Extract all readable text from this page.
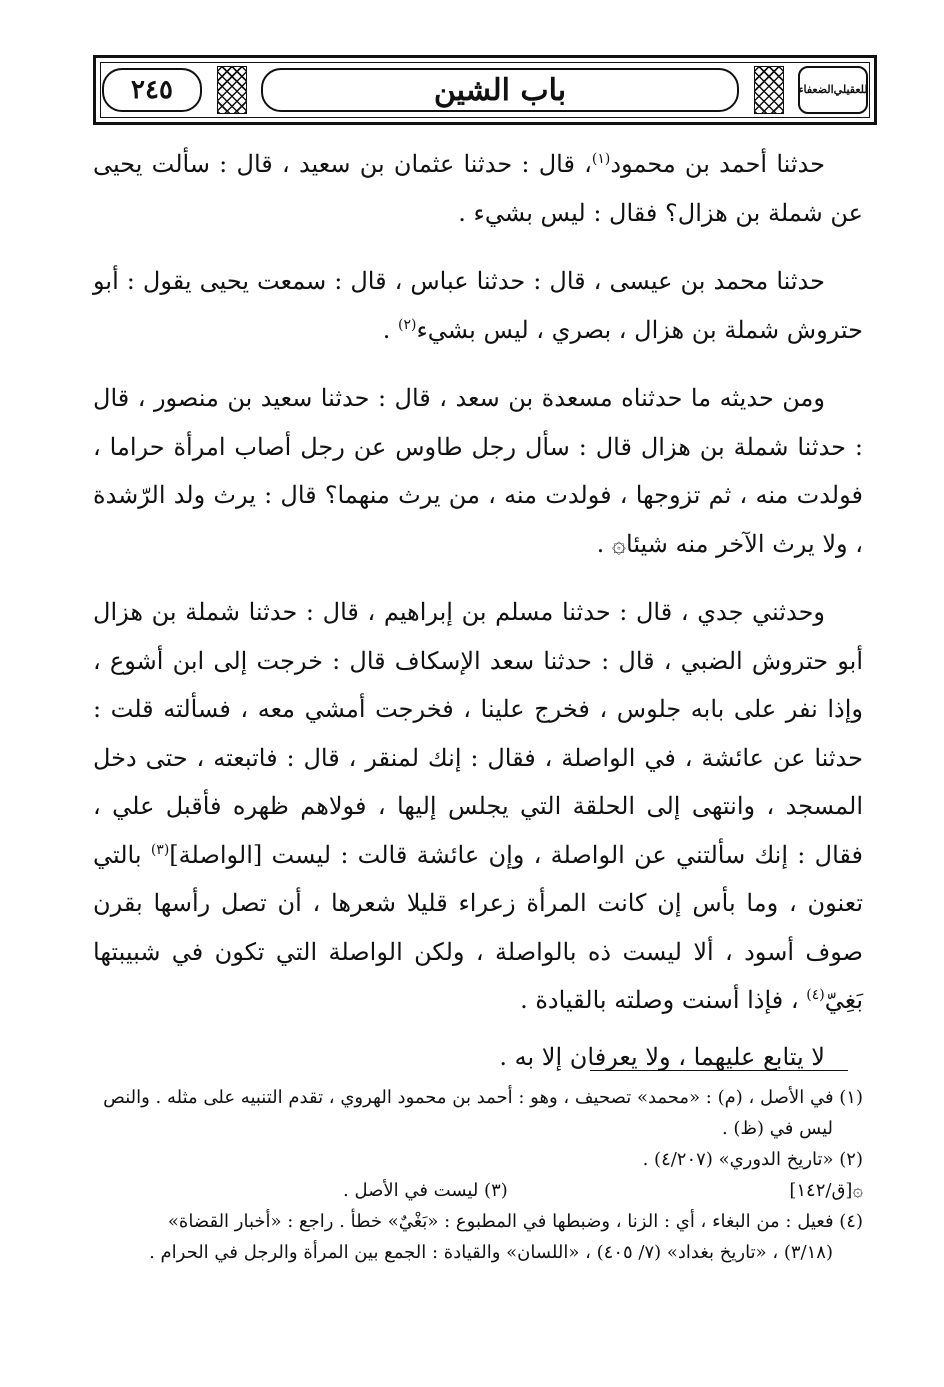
٢٤٥	باب الشين	الضعفاء للعقيلي

حدثنا أحمد بن محمود$^{(١)}$، قال : حدثنا عثمان بن سعيد ، قال : سألت يحيى عن شملة بن هزال؟ فقال : ليس بشيء .

حدثنا محمد بن عيسى ، قال : حدثنا عباس ، قال : سمعت يحيى يقول : أبو حتروش شملة بن هزال ، بصري ، ليس بشيء$^{(٢)}$ .

ومن حديثه ما حدثناه مسعدة بن سعد ، قال : حدثنا سعيد بن منصور ، قال : حدثنا شملة بن هزال قال : سأل رجل طاوس عن رجل أصاب امرأة حراما ، فولدت منه ، ثم تزوجها ، فولدت منه ، من يرث منهما؟ قال : يرث ولد الرّشدة ، ولا يرث الآخر منه شيئا۞ .

وحدثني جدي ، قال : حدثنا مسلم بن إبراهيم ، قال : حدثنا شملة بن هزال أبو حتروش الضبي ، قال : حدثنا سعد الإسكاف قال : خرجت إلى ابن أشوع ، وإذا نفر على بابه جلوس ، فخرج علينا ، فخرجت أمشي معه ، فسألته قلت : حدثنا عن عائشة ، في الواصلة ، فقال : إنك لمنقر ، قال : فاتبعته ، حتى دخل المسجد ، وانتهى إلى الحلقة التي يجلس إليها ، فولاهم ظهره فأقبل علي ، فقال : إنك سألتني عن الواصلة ، وإن عائشة قالت : ليست [الواصلة]$^{(٣)}$ بالتي تعنون ، وما بأس إن كانت المرأة زعراء قليلا شعرها ، أن تصل رأسها بقرن صوف أسود ، ألا ليست ذه بالواصلة ، ولكن الواصلة التي تكون في شبيبتها بَغِيّ$^{(٤)}$ ، فإذا أسنت وصلته بالقيادة .

لا يتابع عليهما ، ولا يعرفان إلا به .

(١) في الأصل ، (م) : «محمد» تصحيف ، وهو : أحمد بن محمود الهروي ، تقدم التنبيه على مثله . والنص

ليس في (ظ) .

(٢) «تاريخ الدوري» (٤/٢٠٧) .

۞[ق/١٤٢]
(٣) ليست في الأصل .

(٤) فعيل : من البغاء ، أي : الزنا ، وضبطها في المطبوع : «بَغْيٌ» خطأ . راجع : «أخبار القضاة»

(٣/١٨) ، «تاريخ بغداد» (٧/ ٤٠٥) ، «اللسان» والقيادة : الجمع بين المرأة والرجل في الحرام .
